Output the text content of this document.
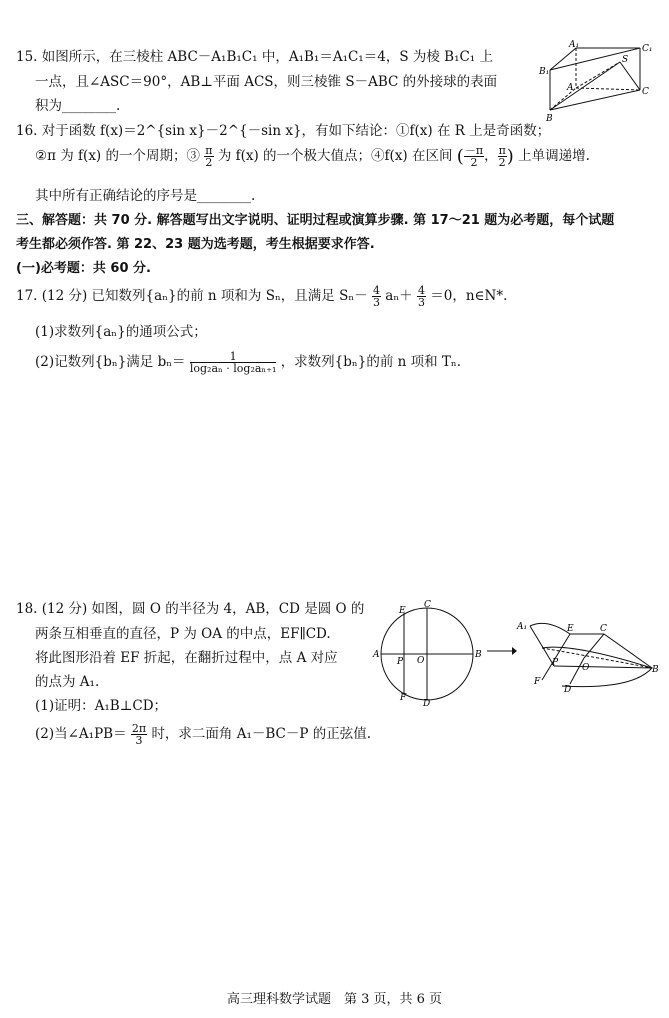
15. 如图所示，在三棱柱 ABC－A₁B₁C₁ 中，A₁B₁＝A₁C₁＝4，S 为棱 B₁C₁ 上
一点，且∠ASC＝90°，AB⊥平面 ACS，则三棱锥 S－ABC 的外接球的表面
积为________.
A₁	C₁
B₁
S
A	C
B
16. 对于函数 f(x)＝2^{sin x}－2^{－sin x}，有如下结论：①f(x) 在 R 上是奇函数；
②π 为 f(x) 的一个周期；③ $\frac{\pi}{2}$ 为 f(x) 的一个极大值点；④f(x) 在区间 ( $\frac{-\pi}{2}$ ， $\frac{\pi}{2}$ ) 上单调递增.
其中所有正确结论的序号是________.
三、解答题：共 70 分. 解答题写出文字说明、证明过程或演算步骤. 第 17～21 题为必考题，每个试题
考生都必须作答. 第 22、23 题为选考题，考生根据要求作答.
(一)必考题：共 60 分.
17. (12 分) 已知数列{aₙ}的前 n 项和为 Sₙ，且满足 $S_n- \frac{4}{3} a_n+ \frac{4}{3} =0$，n∈N*.
(1)求数列{aₙ}的通项公式；
(2)记数列{bₙ}满足 $b_n= \frac{1}{\text{log₂aₙ · log₂aₙ₊₁}}$ ，求数列{bₙ}的前 n 项和 Tₙ.
18. (12 分) 如图，圆 O 的半径为 4，AB，CD 是圆 O 的
两条互相垂直的直径，P 为 OA 的中点，EF∥CD.
将此图形沿着 EF 折起，在翻折过程中，点 A 对应
的点为 A₁.
(1)证明：A₁B⊥CD；
(2)当∠A₁PB＝ $\frac{2\pi}{3}$ 时，求二面角 A₁－BC－P 的正弦值.
E
C
A
P O
B
F
D
A₁	E	C
F
P	O	B
D
高三理科数学试题　第 3 页，共 6 页
